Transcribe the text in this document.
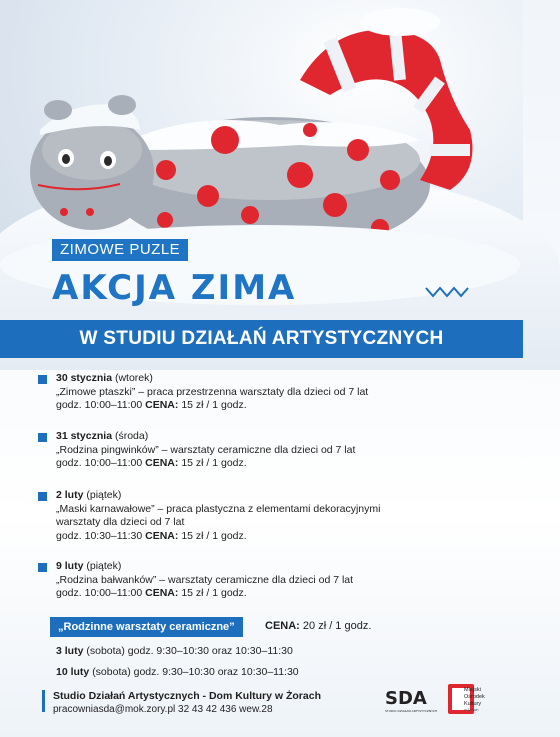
ZIMOWE PUZLE
AKCJA ZIMA
W STUDIU DZIAŁAŃ ARTYSTYCZNYCH
30 stycznia (wtorek)
„Zimowe ptaszki” – praca przestrzenna warsztaty dla dzieci od 7 lat
godz. 10:00–11:00 CENA: 15 zł / 1 godz.
31 stycznia (środa)
„Rodzina pingwinków” – warsztaty ceramiczne dla dzieci od 7 lat
godz. 10:00–11:00 CENA: 15 zł / 1 godz.
2 luty (piątek)
„Maski karnawałowe” – praca plastyczna z elementami dekoracyjnymi
warsztaty dla dzieci od 7 lat
godz. 10:30–11:30 CENA: 15 zł / 1 godz.
9 luty (piątek)
„Rodzina bałwanków” – warsztaty ceramiczne dla dzieci od 7 lat
godz. 10:00–11:00 CENA: 15 zł / 1 godz.
„Rodzinne warsztaty ceramiczne”	CENA: 20 zł / 1 godz.
3 luty (sobota) godz. 9:30–10:30 oraz 10:30–11:30
10 luty (sobota) godz. 9:30–10:30 oraz 10:30–11:30
Studio Działań Artystycznych - Dom Kultury w Żorach
pracowniasda@mok.zory.pl 32 43 42 436 wew.28
SDA
STUDIO DZIAŁAŃ ARTYSTYCZNYCH
Miejski
Ośrodek
Kultury
w Żorach
